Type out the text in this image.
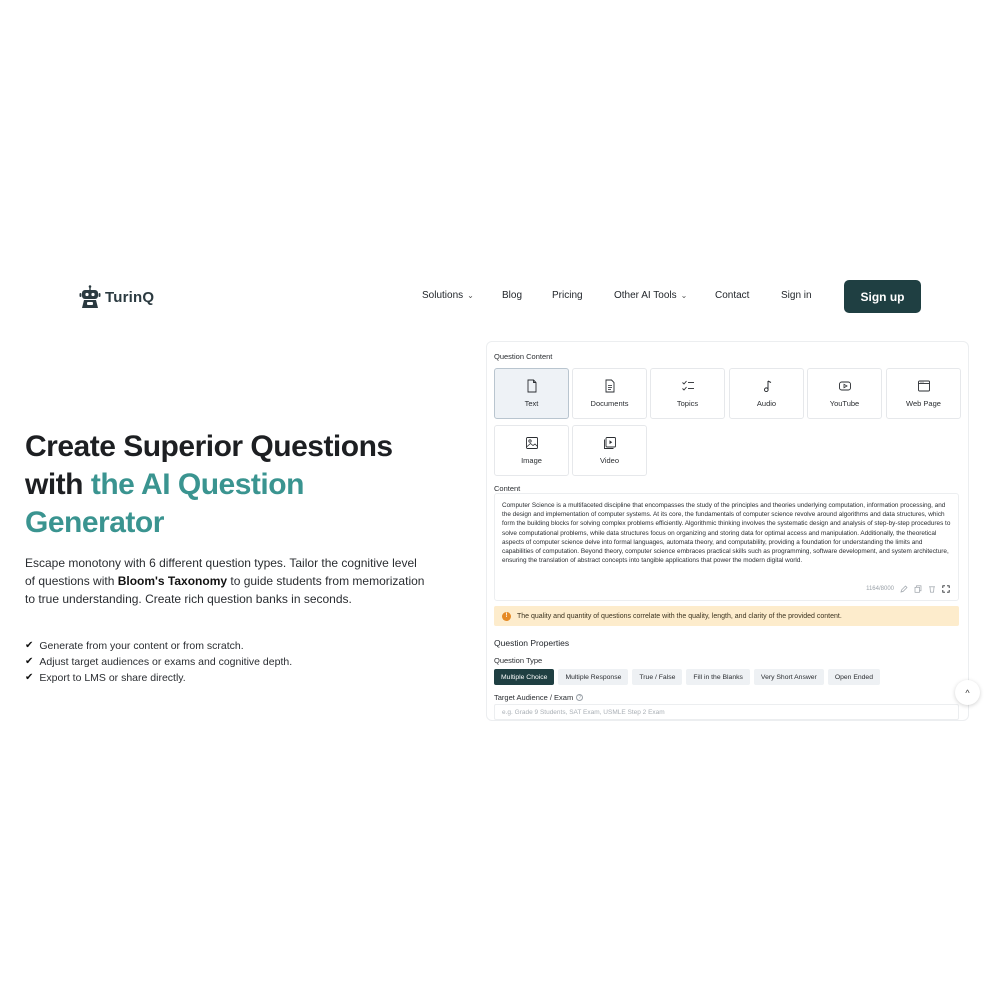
TurinQ	Solutions ⌄	Blog	Pricing	Other AI Tools ⌄	Contact	Sign in	Sign up
Create Superior Questions with the AI Question Generator

Escape monotony with 6 different question types. Tailor the cognitive level of questions with Bloom's Taxonomy to guide students from memorization to true understanding. Create rich question banks in seconds.

✔ Generate from your content or from scratch.
✔ Adjust target audiences or exams and cognitive depth.
✔ Export to LMS or share directly.
Question Content
Text	Documents	Topics	Audio	YouTube	Web Page
Image	Video
Content
Computer Science is a multifaceted discipline that encompasses the study of the principles and theories underlying computation, information processing, and the design and implementation of computer systems. At its core, the fundamentals of computer science revolve around algorithms and data structures, which form the building blocks for solving complex problems efficiently. Algorithmic thinking involves the systematic design and analysis of step-by-step procedures to solve computational problems, while data structures focus on organizing and storing data for optimal access and manipulation. Additionally, the theoretical aspects of computer science delve into formal languages, automata theory, and computability, providing a foundation for understanding the limits and capabilities of computation. Beyond theory, computer science embraces practical skills such as programming, software development, and system architecture, ensuring the translation of abstract concepts into tangible applications that power the modern digital world.
1164/8000
!	The quality and quantity of questions correlate with the quality, length, and clarity of the provided content.
Question Properties
Question Type
Multiple Choice	Multiple Response	True / False	Fill in the Blanks	Very Short Answer	Open Ended
Target Audience / Exam	?
e.g. Grade 9 Students, SAT Exam, USMLE Step 2 Exam	^
